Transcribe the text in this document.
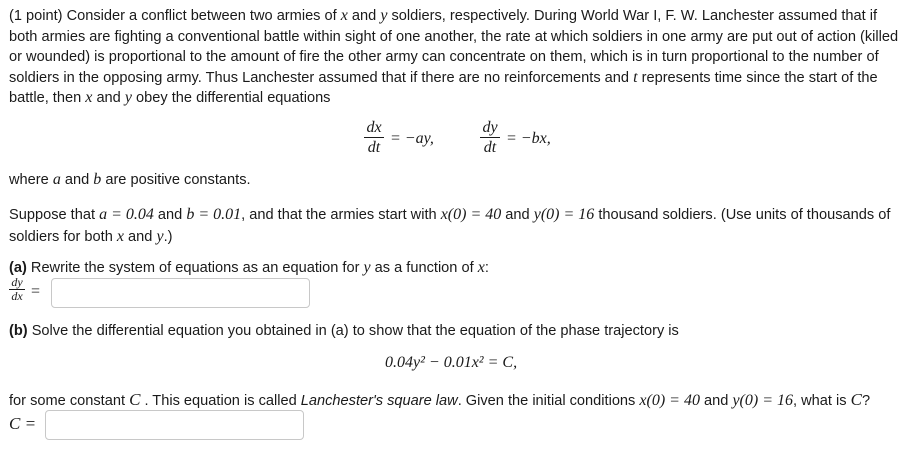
(1 point) Consider a conflict between two armies of x and y soldiers, respectively. During World War I, F. W. Lanchester assumed that if both armies are fighting a conventional battle within sight of one another, the rate at which soldiers in one army are put out of action (killed or wounded) is proportional to the amount of fire the other army can concentrate on them, which is in turn proportional to the number of soldiers in the opposing army. Thus Lanchester assumed that if there are no reinforcements and t represents time since the start of the battle, then x and y obey the differential equations
dx
dt
= −ay,
dy
dt
= −bx,
where a and b are positive constants.
Suppose that a = 0.04 and b = 0.01, and that the armies start with x(0) = 40 and y(0) = 16 thousand soldiers. (Use units of thousands of soldiers for both x and y.)
(a) Rewrite the system of equations as an equation for y as a function of x:
dy
dx =
(b) Solve the differential equation you obtained in (a) to show that the equation of the phase trajectory is
0.04y² − 0.01x² = C,
for some constant C . This equation is called Lanchester's square law. Given the initial conditions x(0) = 40 and y(0) = 16, what is C?
C =
